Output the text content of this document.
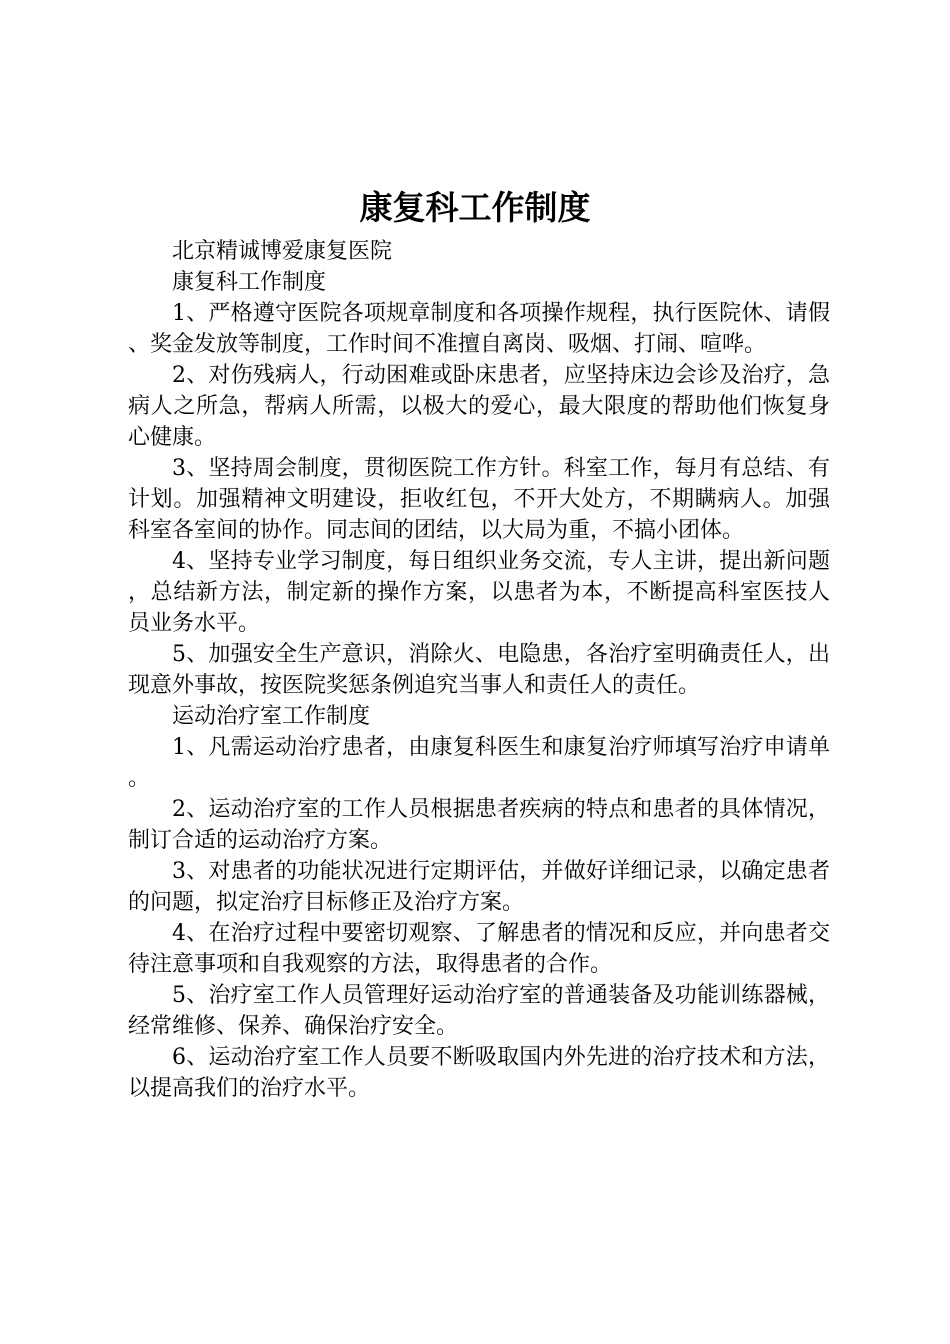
康复科工作制度

北京精诚博爱康复医院

康复科工作制度

1、严格遵守医院各项规章制度和各项操作规程，执行医院休、请假、奖金发放等制度，工作时间不准擅自离岗、吸烟、打闹、喧哗。

2、对伤残病人，行动困难或卧床患者，应坚持床边会诊及治疗，急病人之所急，帮病人所需，以极大的爱心，最大限度的帮助他们恢复身心健康。

3、坚持周会制度，贯彻医院工作方针。科室工作，每月有总结、有计划。加强精神文明建设，拒收红包，不开大处方，不期瞒病人。加强科室各室间的协作。同志间的团结，以大局为重，不搞小团体。

4、坚持专业学习制度，每日组织业务交流，专人主讲，提出新问题，总结新方法，制定新的操作方案，以患者为本，不断提高科室医技人员业务水平。

5、加强安全生产意识，消除火、电隐患，各治疗室明确责任人，出现意外事故，按医院奖惩条例追究当事人和责任人的责任。

运动治疗室工作制度

1、凡需运动治疗患者，由康复科医生和康复治疗师填写治疗申请单。

2、运动治疗室的工作人员根据患者疾病的特点和患者的具体情况，制订合适的运动治疗方案。

3、对患者的功能状况进行定期评估，并做好详细记录，以确定患者的问题，拟定治疗目标修正及治疗方案。

4、在治疗过程中要密切观察、了解患者的情况和反应，并向患者交待注意事项和自我观察的方法，取得患者的合作。

5、治疗室工作人员管理好运动治疗室的普通装备及功能训练器械，经常维修、保养、确保治疗安全。

6、运动治疗室工作人员要不断吸取国内外先进的治疗技术和方法，以提高我们的治疗水平。
